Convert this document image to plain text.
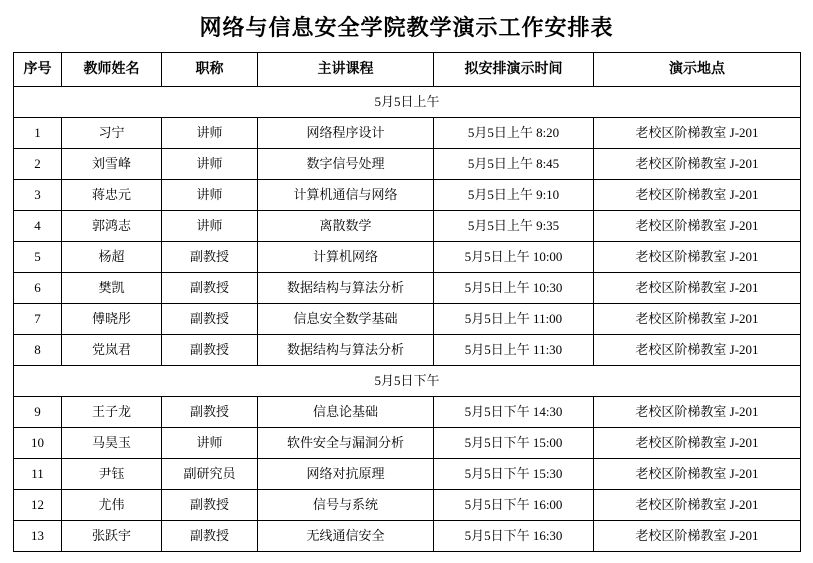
网络与信息安全学院教学演示工作安排表
序号	教师姓名	职称	主讲课程	拟安排演示时间	演示地点
5月5日上午					
1	习宁	讲师	网络程序设计	5月5日上午 8:20	老校区阶梯教室 J-201
2	刘雪峰	讲师	数字信号处理	5月5日上午 8:45	老校区阶梯教室 J-201
3	蒋忠元	讲师	计算机通信与网络	5月5日上午 9:10	老校区阶梯教室 J-201
4	郭鸿志	讲师	离散数学	5月5日上午 9:35	老校区阶梯教室 J-201
5	杨超	副教授	计算机网络	5月5日上午 10:00	老校区阶梯教室 J-201
6	樊凯	副教授	数据结构与算法分析	5月5日上午 10:30	老校区阶梯教室 J-201
7	傅晓彤	副教授	信息安全数学基础	5月5日上午 11:00	老校区阶梯教室 J-201
8	党岚君	副教授	数据结构与算法分析	5月5日上午 11:30	老校区阶梯教室 J-201
5月5日下午					
9	王子龙	副教授	信息论基础	5月5日下午 14:30	老校区阶梯教室 J-201
10	马昊玉	讲师	软件安全与漏洞分析	5月5日下午 15:00	老校区阶梯教室 J-201
11	尹钰	副研究员	网络对抗原理	5月5日下午 15:30	老校区阶梯教室 J-201
12	尤伟	副教授	信号与系统	5月5日下午 16:00	老校区阶梯教室 J-201
13	张跃宇	副教授	无线通信安全	5月5日下午 16:30	老校区阶梯教室 J-201
